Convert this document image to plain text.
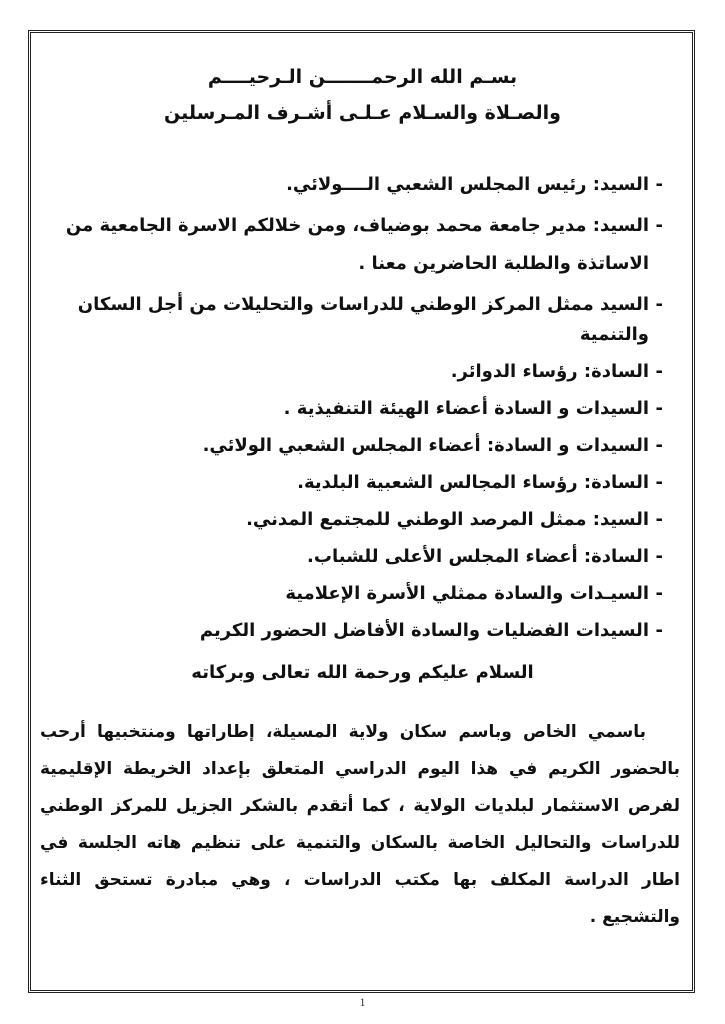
بسـم الله الرحمـــــــن الـرحيــــم
والصـلاة والسـلام عـلـى أشـرف المـرسلين
- السيد: رئيس المجلس الشعبي الــــولائي.
- السيد: مدير جامعة محمد بوضياف، ومن خلالكم الاسرة الجامعية من الاساتذة والطلبة الحاضرين معنا .
- السيد ممثل المركز الوطني للدراسات والتحليلات من أجل السكان والتنمية
- السادة: رؤساء الدوائر.
- السيدات و السادة أعضاء الهيئة التنفيذية .
- السيدات و السادة: أعضاء المجلس الشعبي الولائي.
- السادة: رؤساء المجالس الشعبية البلدية.
- السيد: ممثل المرصد الوطني للمجتمع المدني.
- السادة: أعضاء المجلس الأعلى للشباب.
- السيـدات والسادة ممثلي الأسرة الإعلامية
- السيدات الفضليات والسادة الأفاضل الحضور الكريم
السلام عليكم ورحمة الله تعالى وبركاته

باسمي الخاص وباسم سكان ولاية المسيلة، إطاراتها ومنتخبيها أرحب بالحضور الكريم في هذا اليوم الدراسي المتعلق بإعداد الخريطة الإقليمية لفرص الاستثمار لبلديات الولاية ، كما أتقدم بالشكر الجزيل للمركز الوطني للدراسات والتحاليل الخاصة بالسكان والتنمية على تنظيم هاته الجلسة في اطار الدراسة المكلف بها مكتب الدراسات ، وهي مبادرة تستحق الثناء والتشجيع .

1
